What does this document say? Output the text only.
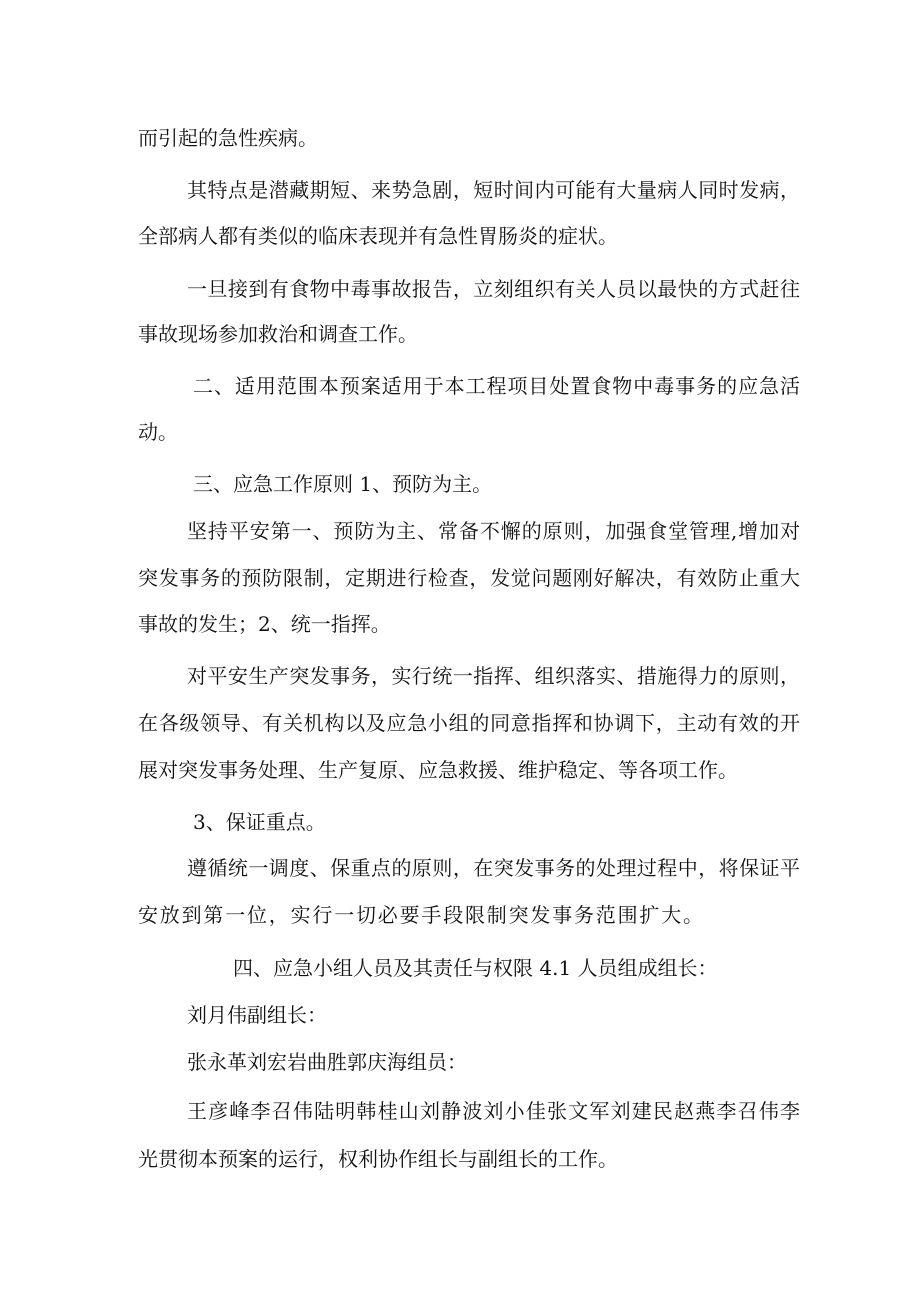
而引起的急性疾病。

其特点是潜藏期短、来势急剧，短时间内可能有大量病人同时发病，

全部病人都有类似的临床表现并有急性胃肠炎的症状。

一旦接到有食物中毒事故报告，立刻组织有关人员以最快的方式赶往

事故现场参加救治和调查工作。

二、适用范围本预案适用于本工程项目处置食物中毒事务的应急活

动。

三、应急工作原则 1、预防为主。

坚持平安第一、预防为主、常备不懈的原则，加强食堂管理,增加对

突发事务的预防限制，定期进行检查，发觉问题刚好解决，有效防止重大

事故的发生；2、统一指挥。

对平安生产突发事务，实行统一指挥、组织落实、措施得力的原则，

在各级领导、有关机构以及应急小组的同意指挥和协调下，主动有效的开

展对突发事务处理、生产复原、应急救援、维护稳定、等各项工作。

3、保证重点。

遵循统一调度、保重点的原则，在突发事务的处理过程中，将保证平

安放到第一位，实行一切必要手段限制突发事务范围扩大。

四、应急小组人员及其责任与权限 4.1 人员组成组长：

刘月伟副组长：

张永革刘宏岩曲胜郭庆海组员：

王彦峰李召伟陆明韩桂山刘静波刘小佳张文军刘建民赵燕李召伟李

光贯彻本预案的运行，权利协作组长与副组长的工作。
